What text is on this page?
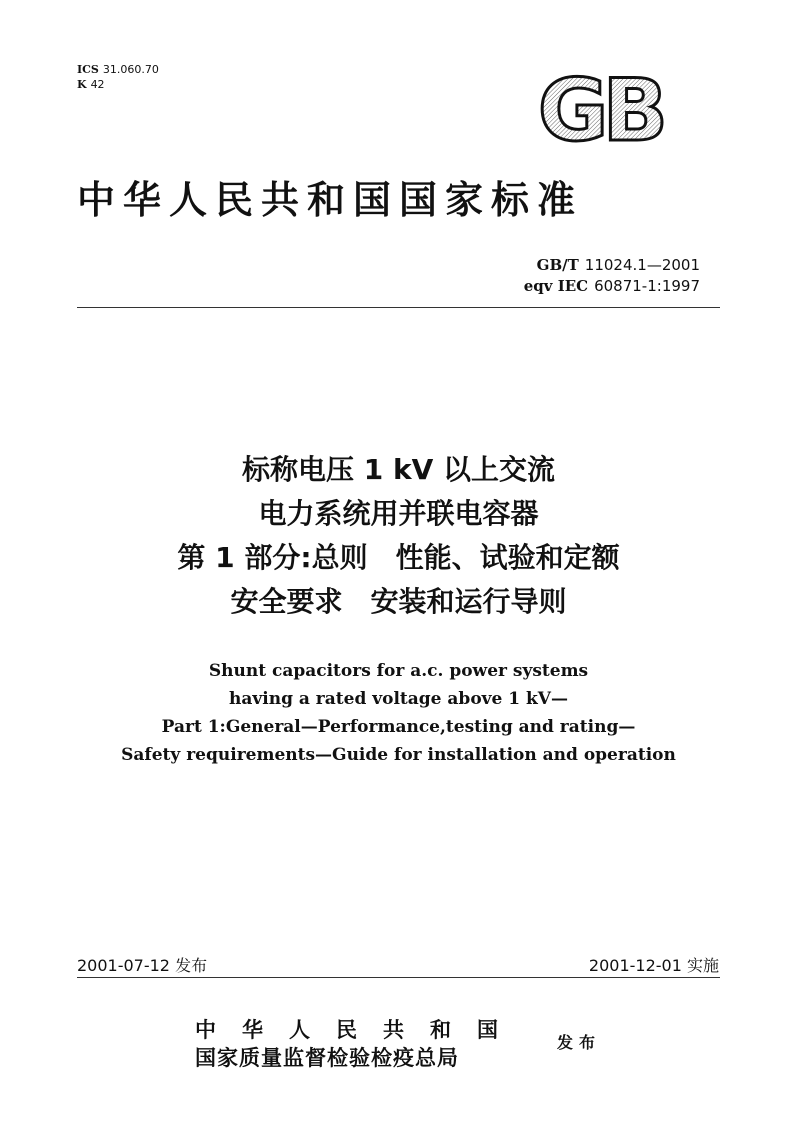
ICS 31.060.70
K 42	GB
中华人民共和国国家标准
GB/T 11024.1—2001
eqv IEC 60871-1:1997
标称电压 1 kV 以上交流
电力系统用并联电容器
第 1 部分:总则　性能、试验和定额
安全要求　安装和运行导则
Shunt capacitors for a.c. power systems
having a rated voltage above 1 kV—
Part 1:General—Performance,testing and rating—
Safety requirements—Guide for installation and operation
2001-07-12 发布	2001-12-01 实施
中华人民共和国
国家质量监督检验检疫总局
发布
